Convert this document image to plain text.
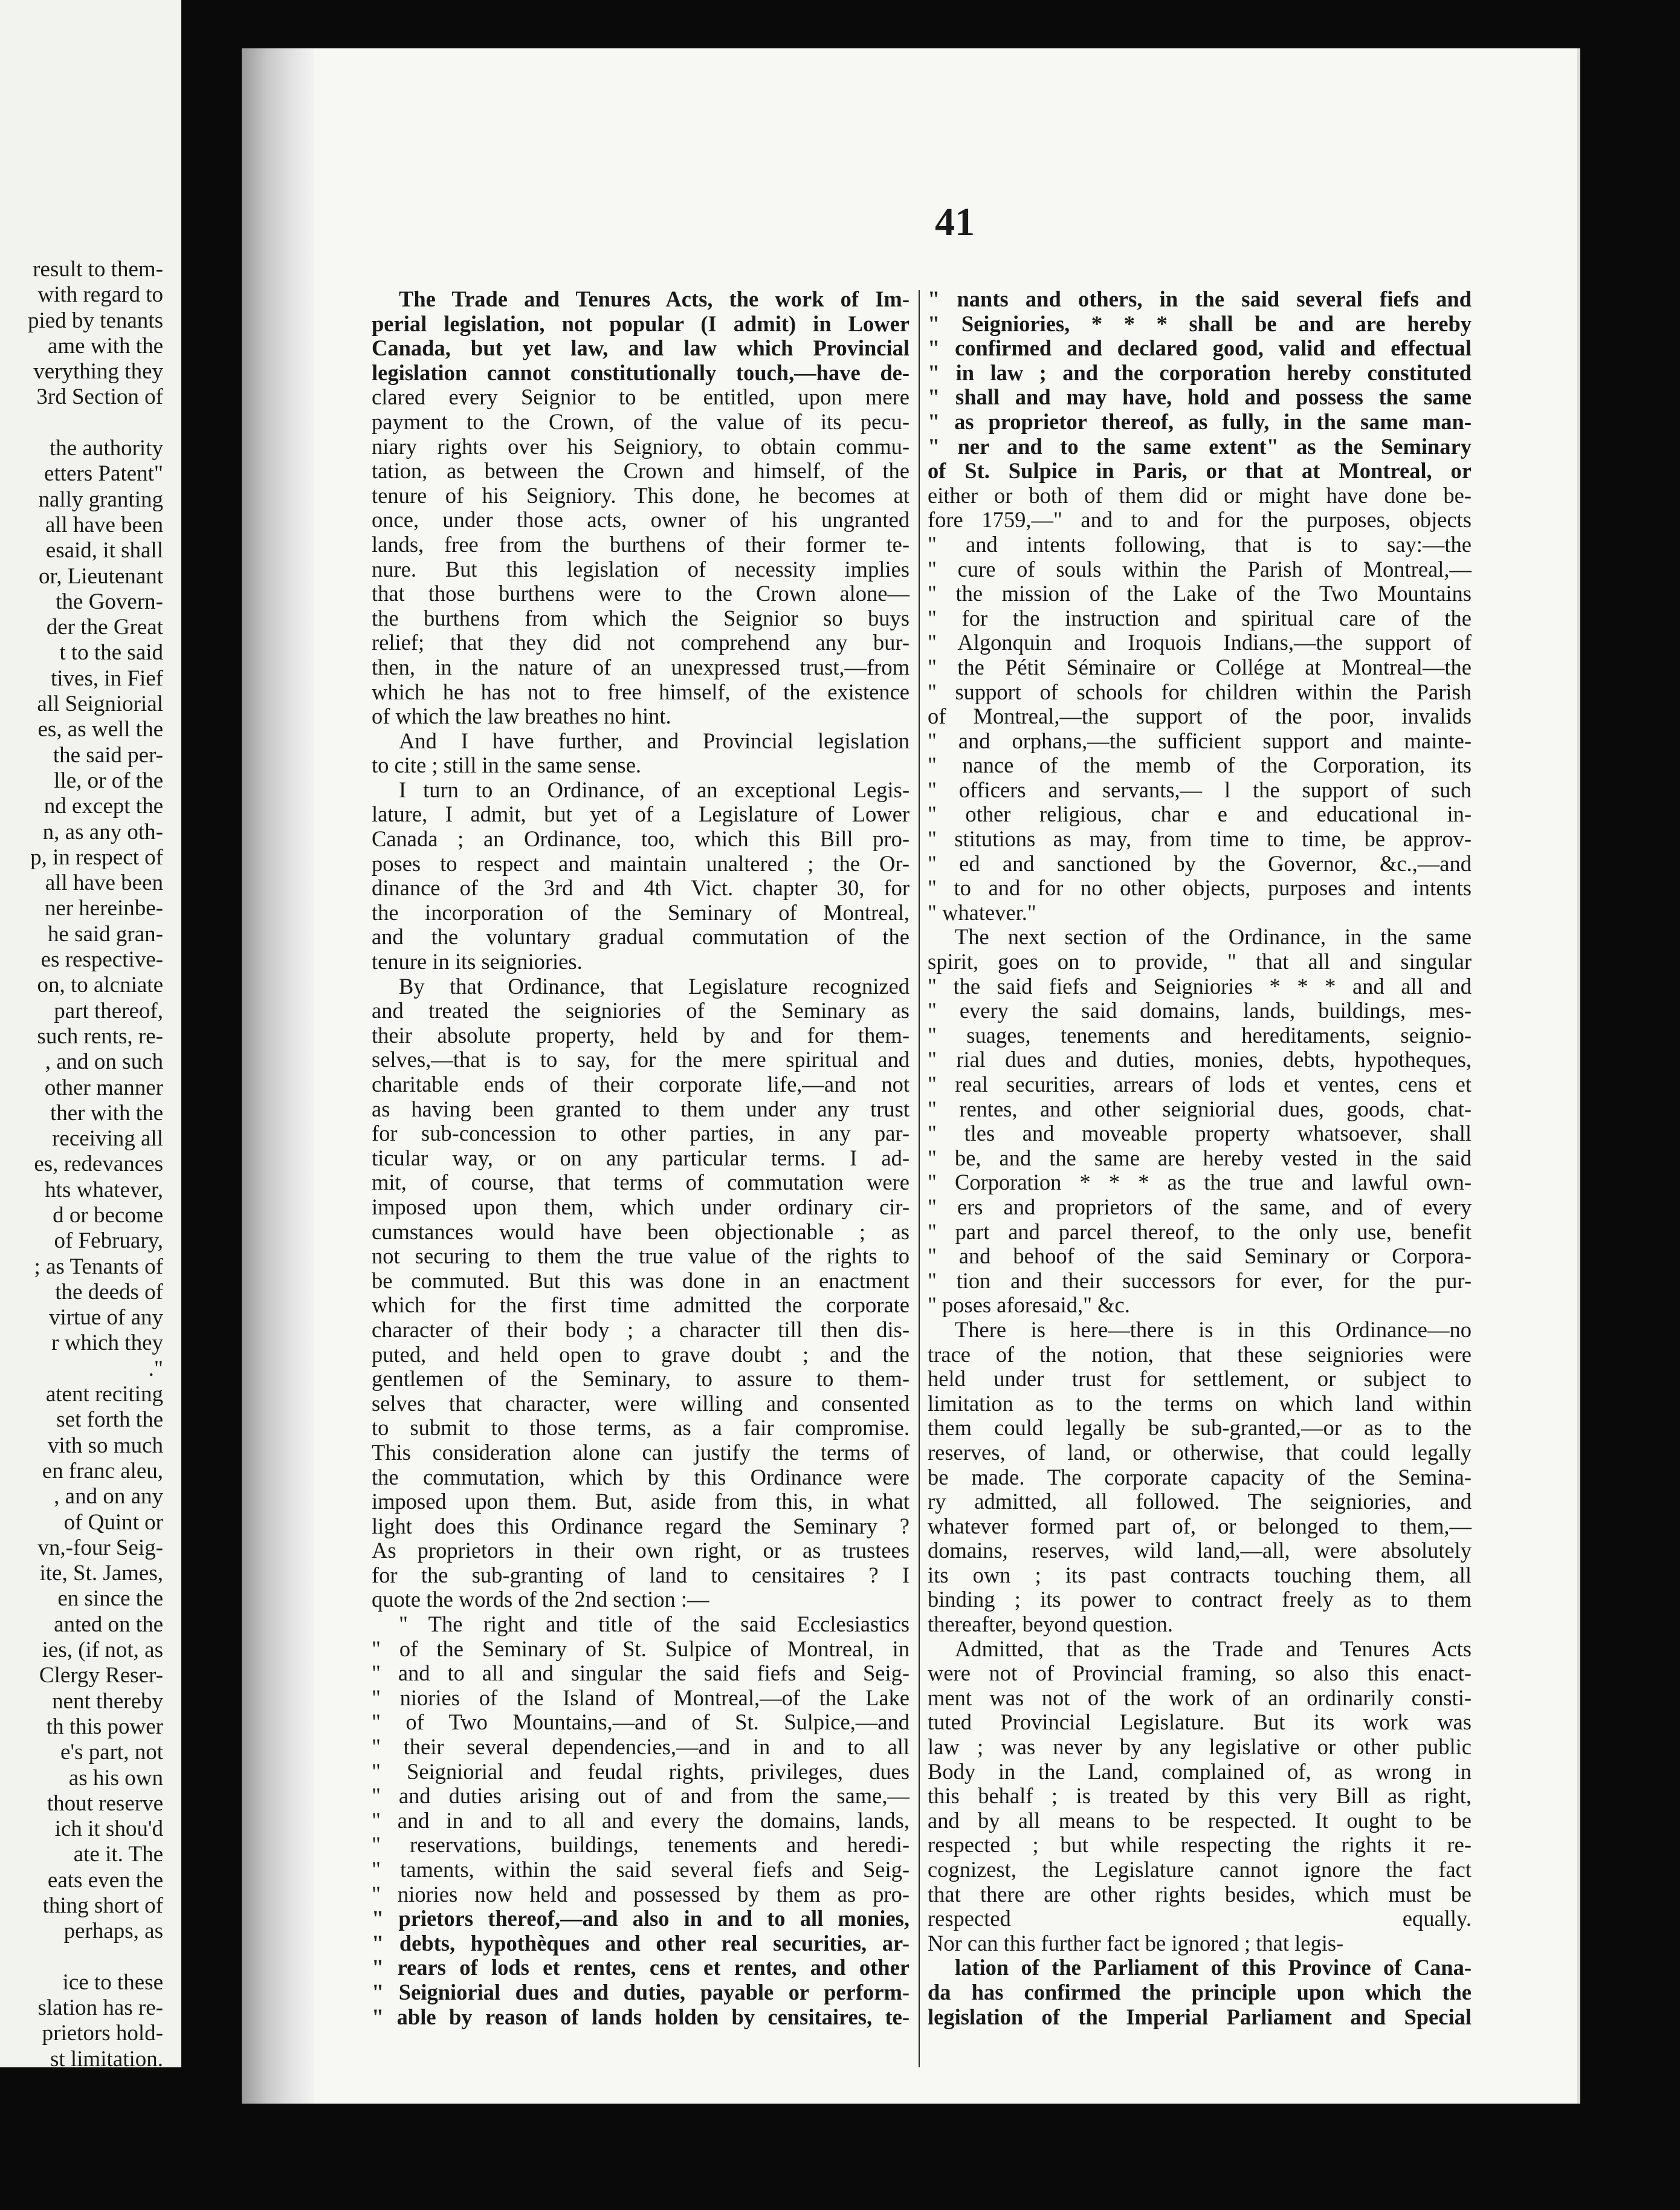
result to them-
with regard to
pied by tenants
ame with the
verything they
3rd Section of
the authority
etters Patent"
nally granting
all have been
esaid, it shall
or, Lieutenant
the Govern-
der the Great
t to the said
tives, in Fief
all Seigniorial
es, as well the
the said per-
lle, or of the
nd except the
n, as any oth-
p, in respect of
all have been
ner hereinbe-
he said gran-
es respective-
on, to alcniate
part thereof,
such rents, re-
, and on such
other manner
ther with the
receiving all
es, redevances
hts whatever,
d or become
of February,
; as Tenants of
the deeds of
virtue of any
r which they
."
atent reciting
set forth the
vith so much
en franc aleu,
, and on any
of Quint or
vn,-four Seig-
ite, St. James,
en since the
anted on the
ies, (if not, as
Clergy Reser-
nent thereby
th this power
e's part, not
as his own
thout reserve
ich it shou'd
ate it. The
eats even the
thing short of
perhaps, as
ice to these
slation has re-
prietors hold-
st limitation.
41
The Trade and Tenures Acts, the work of Im-
perial legislation, not popular (I admit) in Lower
Canada, but yet law, and law which Provincial
legislation cannot constitutionally touch,—have de-
clared every Seignior to be entitled, upon mere
payment to the Crown, of the value of its pecu-
niary rights over his Seigniory, to obtain commu-
tation, as between the Crown and himself, of the
tenure of his Seigniory. This done, he becomes at
once, under those acts, owner of his ungranted
lands, free from the burthens of their former te-
nure. But this legislation of necessity implies
that those burthens were to the Crown alone—
the burthens from which the Seignior so buys
relief; that they did not comprehend any bur-
then, in the nature of an unexpressed trust,—from
which he has not to free himself, of the existence
of which the law breathes no hint.
And I have further, and Provincial legislation
to cite ; still in the same sense.
I turn to an Ordinance, of an exceptional Legis-
lature, I admit, but yet of a Legislature of Lower
Canada ; an Ordinance, too, which this Bill pro-
poses to respect and maintain unaltered ; the Or-
dinance of the 3rd and 4th Vict. chapter 30, for
the incorporation of the Seminary of Montreal,
and the voluntary gradual commutation of the
tenure in its seigniories.
By that Ordinance, that Legislature recognized
and treated the seigniories of the Seminary as
their absolute property, held by and for them-
selves,—that is to say, for the mere spiritual and
charitable ends of their corporate life,—and not
as having been granted to them under any trust
for sub-concession to other parties, in any par-
ticular way, or on any particular terms. I ad-
mit, of course, that terms of commutation were
imposed upon them, which under ordinary cir-
cumstances would have been objectionable ; as
not securing to them the true value of the rights to
be commuted. But this was done in an enactment
which for the first time admitted the corporate
character of their body ; a character till then dis-
puted, and held open to grave doubt ; and the
gentlemen of the Seminary, to assure to them-
selves that character, were willing and consented
to submit to those terms, as a fair compromise.
This consideration alone can justify the terms of
the commutation, which by this Ordinance were
imposed upon them. But, aside from this, in what
light does this Ordinance regard the Seminary ?
As proprietors in their own right, or as trustees
for the sub-granting of land to censitaires ? I
quote the words of the 2nd section :—
" The right and title of the said Ecclesiastics
" of the Seminary of St. Sulpice of Montreal, in
" and to all and singular the said fiefs and Seig-
" niories of the Island of Montreal,—of the Lake
" of Two Mountains,—and of St. Sulpice,—and
" their several dependencies,—and in and to all
" Seigniorial and feudal rights, privileges, dues
" and duties arising out of and from the same,—
" and in and to all and every the domains, lands,
" reservations, buildings, tenements and heredi-
" taments, within the said several fiefs and Seig-
" niories now held and possessed by them as pro-
" prietors thereof,—and also in and to all monies,
" debts, hypothèques and other real securities, ar-
" rears of lods et rentes, cens et rentes, and other
" Seigniorial dues and duties, payable or perform-
" able by reason of lands holden by censitaires, te-
" nants and others, in the said several fiefs and
" Seigniories, * * * shall be and are hereby
" confirmed and declared good, valid and effectual
" in law ; and the corporation hereby constituted
" shall and may have, hold and possess the same
" as proprietor thereof, as fully, in the same man-
" ner and to the same extent" as the Seminary
of St. Sulpice in Paris, or that at Montreal, or
either or both of them did or might have done be-
fore 1759,—" and to and for the purposes, objects
" and intents following, that is to say:—the
" cure of souls within the Parish of Montreal,—
" the mission of the Lake of the Two Mountains
" for the instruction and spiritual care of the
" Algonquin and Iroquois Indians,—the support of
" the Pétit Séminaire or Collége at Montreal—the
" support of schools for children within the Parish
of Montreal,—the support of the poor, invalids
" and orphans,—the sufficient support and mainte-
" nance of the memb of the Corporation, its
" officers and servants,— l the support of such
" other religious, char e and educational in-
" stitutions as may, from time to time, be approv-
" ed and sanctioned by the Governor, &c.,—and
" to and for no other objects, purposes and intents
" whatever."
The next section of the Ordinance, in the same
spirit, goes on to provide, " that all and singular
" the said fiefs and Seigniories * * * and all and
" every the said domains, lands, buildings, mes-
" suages, tenements and hereditaments, seignio-
" rial dues and duties, monies, debts, hypotheques,
" real securities, arrears of lods et ventes, cens et
" rentes, and other seigniorial dues, goods, chat-
" tles and moveable property whatsoever, shall
" be, and the same are hereby vested in the said
" Corporation * * * as the true and lawful own-
" ers and proprietors of the same, and of every
" part and parcel thereof, to the only use, benefit
" and behoof of the said Seminary or Corpora-
" tion and their successors for ever, for the pur-
" poses aforesaid," &c.
There is here—there is in this Ordinance—no
trace of the notion, that these seigniories were
held under trust for settlement, or subject to
limitation as to the terms on which land within
them could legally be sub-granted,—or as to the
reserves, of land, or otherwise, that could legally
be made. The corporate capacity of the Semina-
ry admitted, all followed. The seigniories, and
whatever formed part of, or belonged to them,—
domains, reserves, wild land,—all, were absolutely
its own ; its past contracts touching them, all
binding ; its power to contract freely as to them
thereafter, beyond question.
Admitted, that as the Trade and Tenures Acts
were not of Provincial framing, so also this enact-
ment was not of the work of an ordinarily consti-
tuted Provincial Legislature. But its work was
law ; was never by any legislative or other public
Body in the Land, complained of, as wrong in
this behalf ; is treated by this very Bill as right,
and by all means to be respected. It ought to be
respected ; but while respecting the rights it re-
cognizest, the Legislature cannot ignore the fact
that there are other rights besides, which must be
respected equally.
Nor can this further fact be ignored ; that legis-
lation of the Parliament of this Province of Cana-
da has confirmed the principle upon which the
legislation of the Imperial Parliament and Special
